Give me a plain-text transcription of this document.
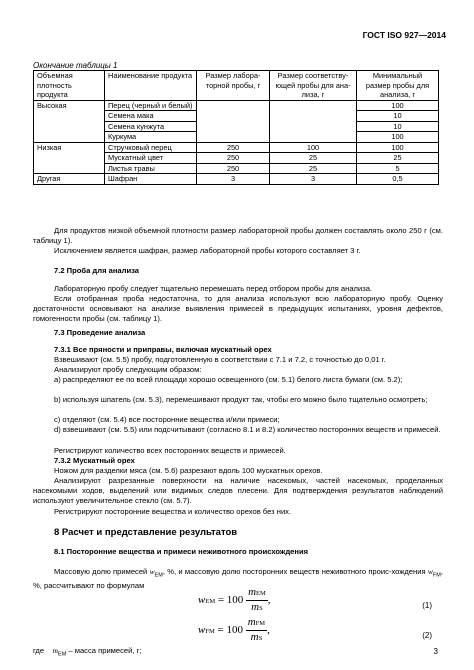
ГОСТ ISO 927—2014
Окончание таблицы 1
Объемная плотность продукта	Наименование продукта	Размер лабора-торной пробы, г	Размер соответству-ющей пробы для ана-лиза, г	Минимальный размер пробы для анализа, г
Высокая	Перец (черный и белый)			100
	Семена мака			10
	Семена кунжута			10
	Куркума			100
Низкая	Стручковый перец	250	100	100
	Мускатный цвет	250	25	25
	Листья травы	250	25	5
Другая	Шафран	3	3	0,5
Для продуктов низкой объемной плотности размер лабораторной пробы должен составлять около 250 г (см. таблицу 1).
Исключением является шафран, размер лабораторной пробы которого составляет 3 г.
7.2 Проба для анализа
Лабораторную пробу следует тщательно перемешать перед отбором пробы для анализа.
Если отобранная проба недостаточна, то для анализа используют всю лабораторную пробу. Оценку достаточности основывают на анализе выявления примесей в предыдущих испытаниях, уровня дефектов, гомогенности пробы (см. таблицу 1).
7.3 Проведение анализа
7.3.1 Все пряности и приправы, включая мускатный орех
Взвешивают (см. 5.5) пробу, подготовленную в соответствии с 7.1 и 7.2, с точностью до 0,01 г.
Анализируют пробу следующим образом:
а) распределяют ее по всей площади хорошо освещенного (см. 5.1) белого листа бумаги (см. 5.2);
b) используя шпатель (см. 5.3), перемешивают продукт так, чтобы его можно было тщательно осмотреть;
с) отделяют (см. 5.4) все посторонние вещества и/или примеси;
d) взвешивают (см. 5.5) или подсчитывают (согласно 8.1 и 8.2) количество посторонних веществ и примесей.
Регистрируют количество всех посторонних веществ и примесей.
7.3.2 Мускатный орех
Ножом для разделки мяса (см. 5.6) разрезают вдоль 100 мускатных орехов.
Анализируют разрезанные поверхности на наличие насекомых, частей насекомых, проделанных насекомыми ходов, выделений или видимых следов плесени. Для подтверждения результатов наблюдений используют увеличительное стекло (см. 5.7).
Регистрируют посторонние вещества и количество орехов без них.
8 Расчет и представление результатов
8.1 Посторонние вещества и примеси неживотного происхождения
Массовую долю примесей $w_{EM}$, %, и массовую долю посторонних веществ неживотного проис-хождения $w_{FM}$, %, рассчитывают по формулам
wEM = $100 \frac{\text{mEM}}{mS}$ ,	(1)
wFM = $100 \frac{\text{mFM}}{mS}$ ,	(2)
где $m_{EM}$ – масса примесей, г;	3
